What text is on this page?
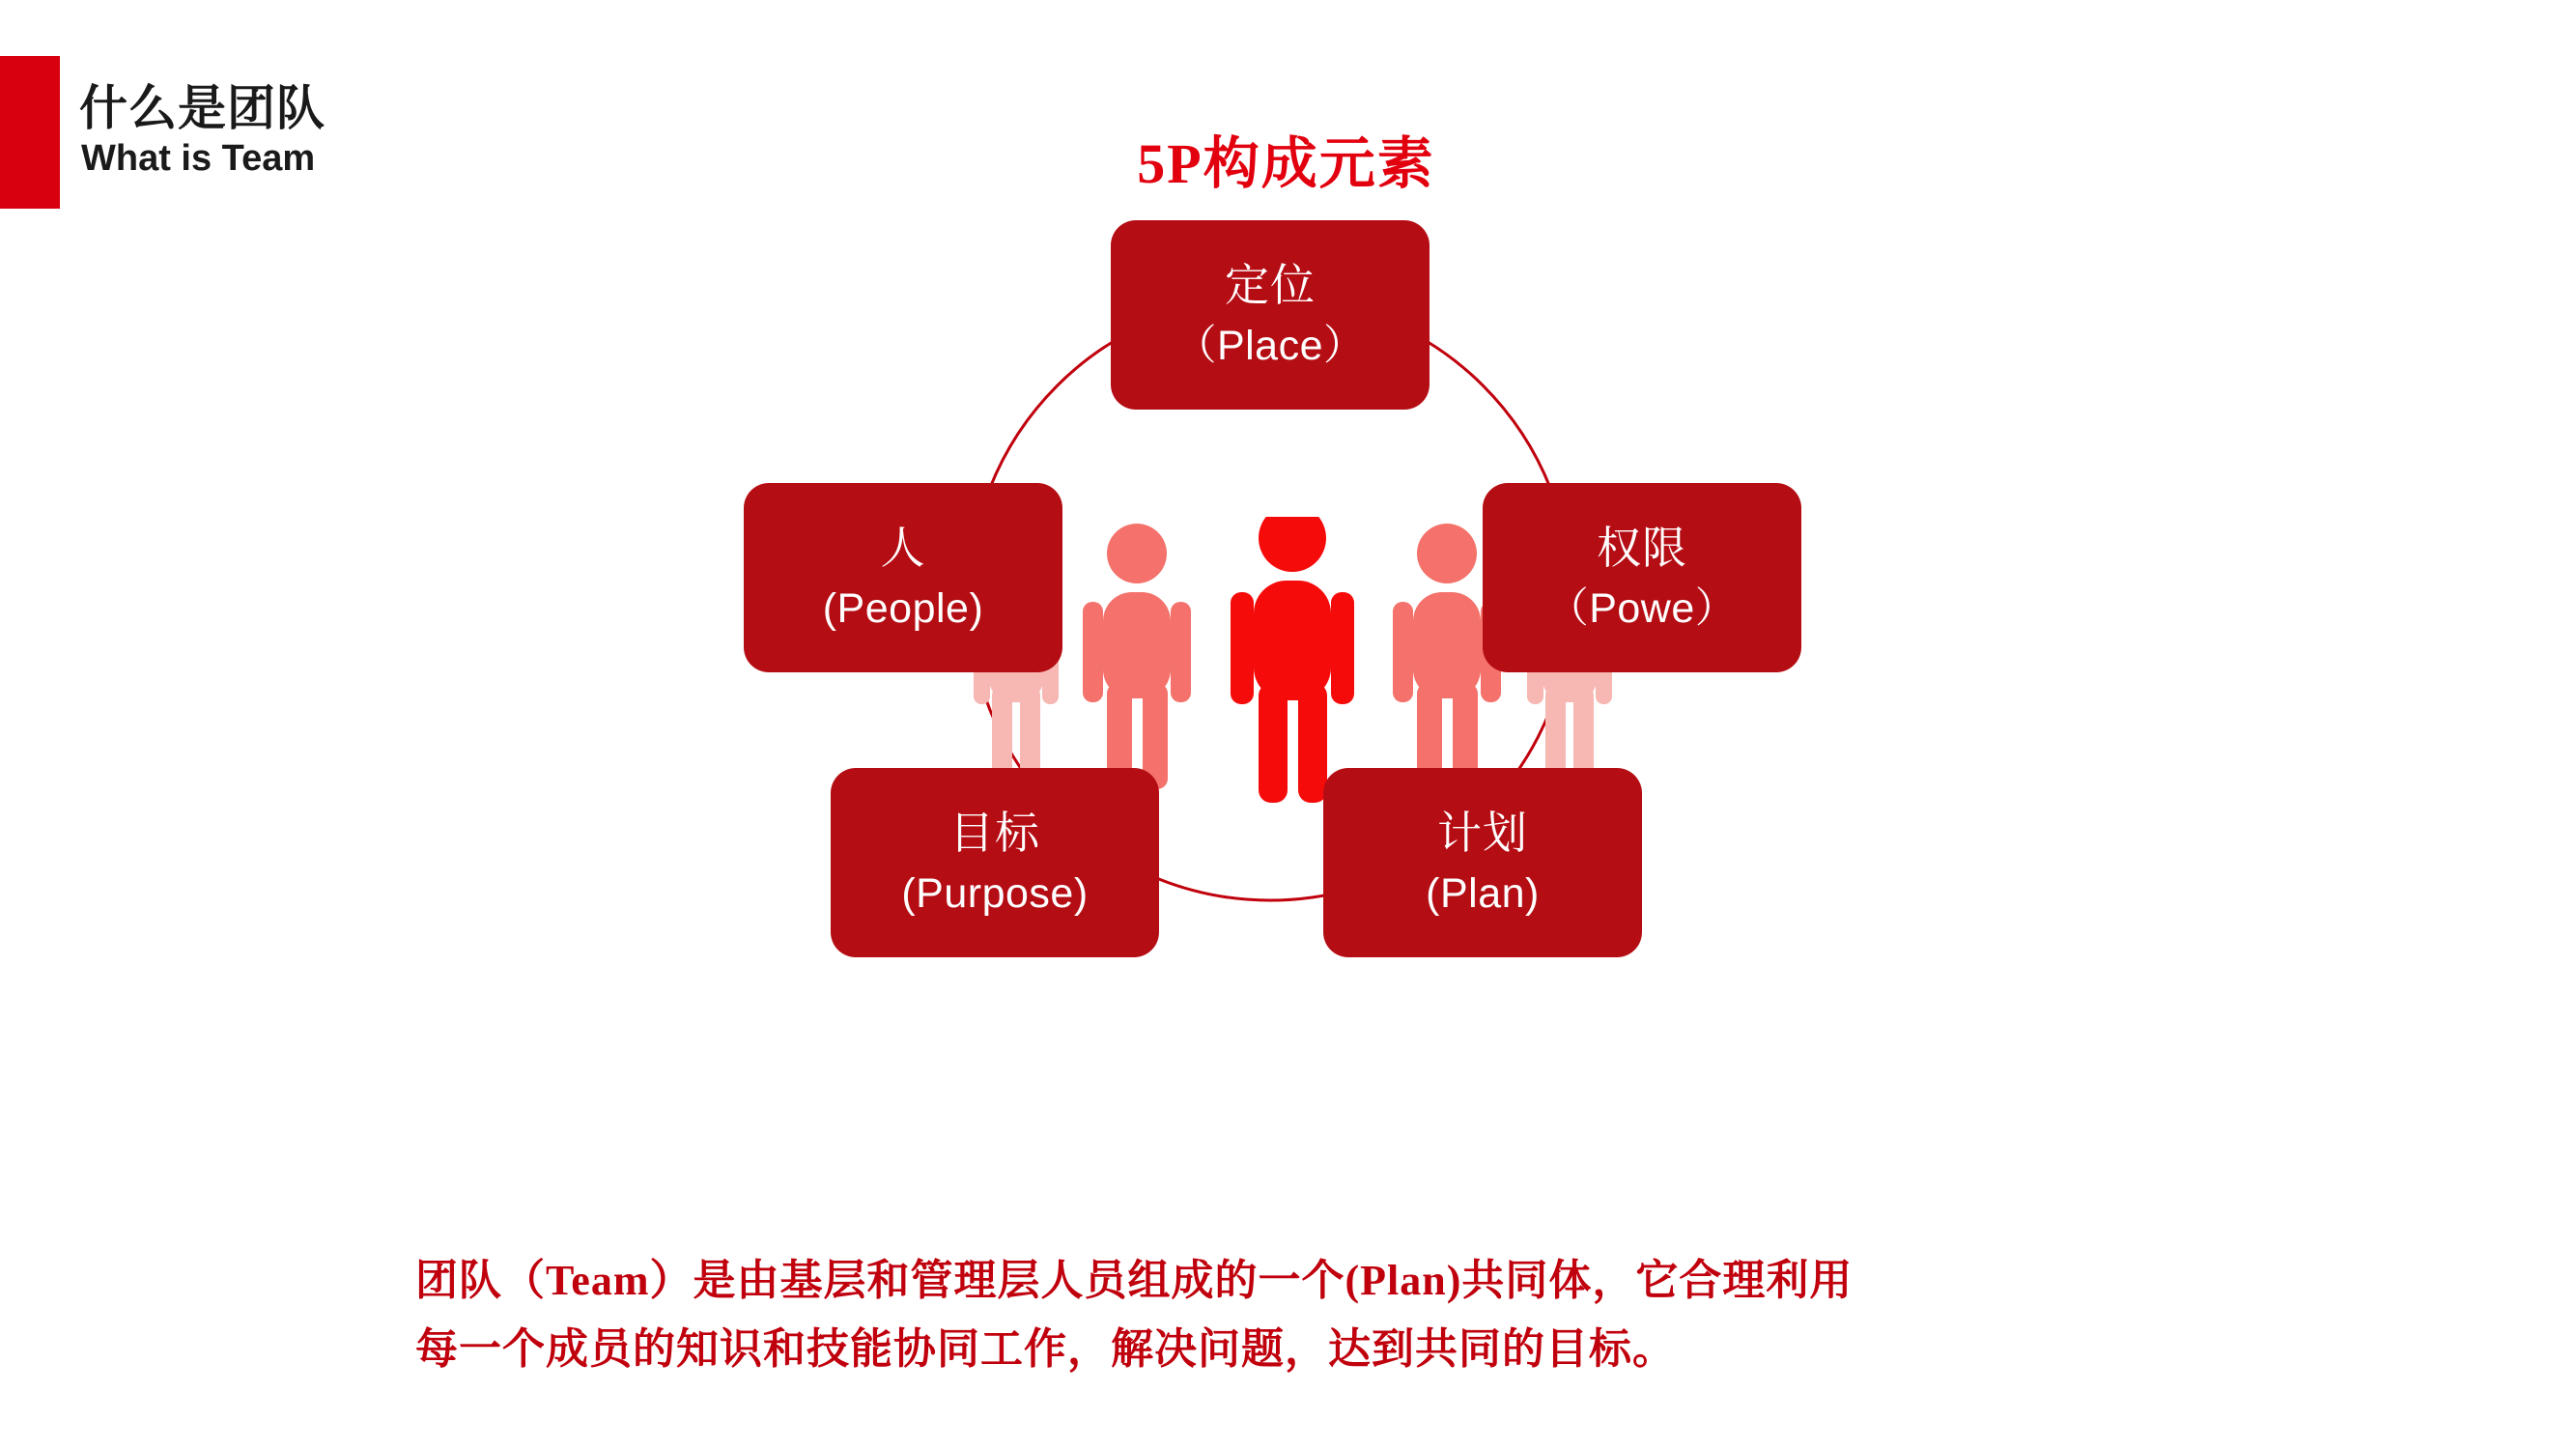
什么是团队
What is Team	5P构成元素
定位
（Place）
权限
（Powe）
人
(People)
目标
(Purpose)
计划
(Plan)
团队（Team）是由基层和管理层人员组成的一个(Plan)共同体，它合理利用
每一个成员的知识和技能协同工作，解决问题，达到共同的目标。
